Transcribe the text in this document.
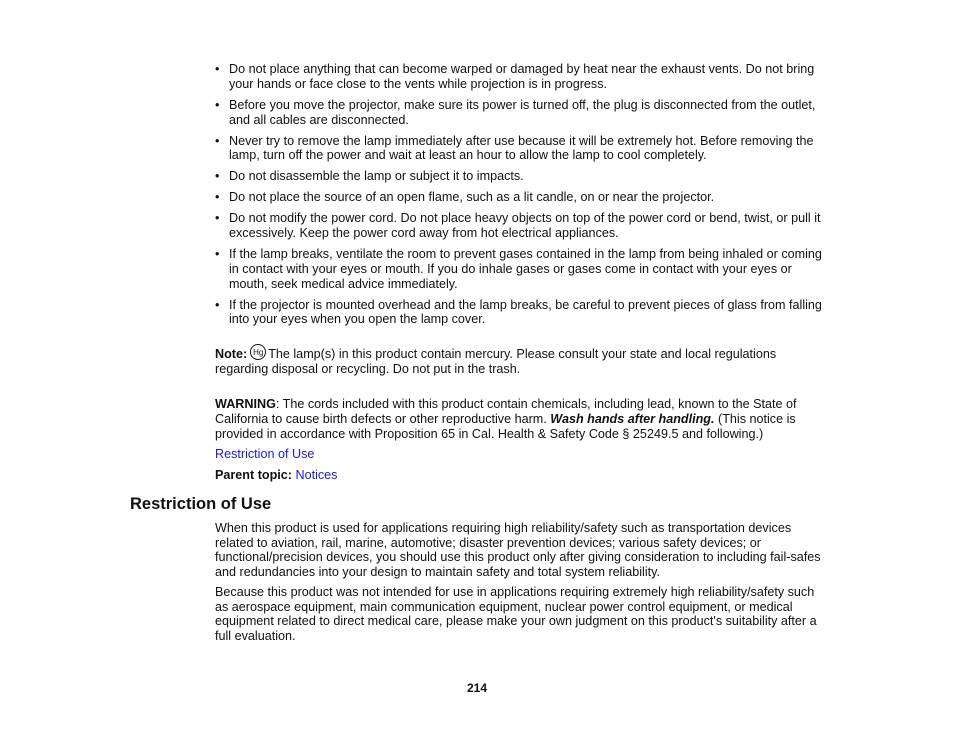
• Do not place anything that can become warped or damaged by heat near the exhaust vents. Do not bring your hands or face close to the vents while projection is in progress.
• Before you move the projector, make sure its power is turned off, the plug is disconnected from the outlet, and all cables are disconnected.
• Never try to remove the lamp immediately after use because it will be extremely hot. Before removing the lamp, turn off the power and wait at least an hour to allow the lamp to cool completely.
• Do not disassemble the lamp or subject it to impacts.
• Do not place the source of an open flame, such as a lit candle, on or near the projector.
• Do not modify the power cord. Do not place heavy objects on top of the power cord or bend, twist, or pull it excessively. Keep the power cord away from hot electrical appliances.
• If the lamp breaks, ventilate the room to prevent gases contained in the lamp from being inhaled or coming in contact with your eyes or mouth. If you do inhale gases or gases come in contact with your eyes or mouth, seek medical advice immediately.
• If the projector is mounted overhead and the lamp breaks, be careful to prevent pieces of glass from falling into your eyes when you open the lamp cover.
Note: Hg The lamp(s) in this product contain mercury. Please consult your state and local regulations regarding disposal or recycling. Do not put in the trash.
WARNING: The cords included with this product contain chemicals, including lead, known to the State of California to cause birth defects or other reproductive harm. Wash hands after handling. (This notice is provided in accordance with Proposition 65 in Cal. Health & Safety Code § 25249.5 and following.)
Restriction of Use
Parent topic: Notices
Restriction of Use

When this product is used for applications requiring high reliability/safety such as transportation devices related to aviation, rail, marine, automotive; disaster prevention devices; various safety devices; or functional/precision devices, you should use this product only after giving consideration to including fail-safes and redundancies into your design to maintain safety and total system reliability.

Because this product was not intended for use in applications requiring extremely high reliability/safety such as aerospace equipment, main communication equipment, nuclear power control equipment, or medical equipment related to direct medical care, please make your own judgment on this product's suitability after a full evaluation.

214
